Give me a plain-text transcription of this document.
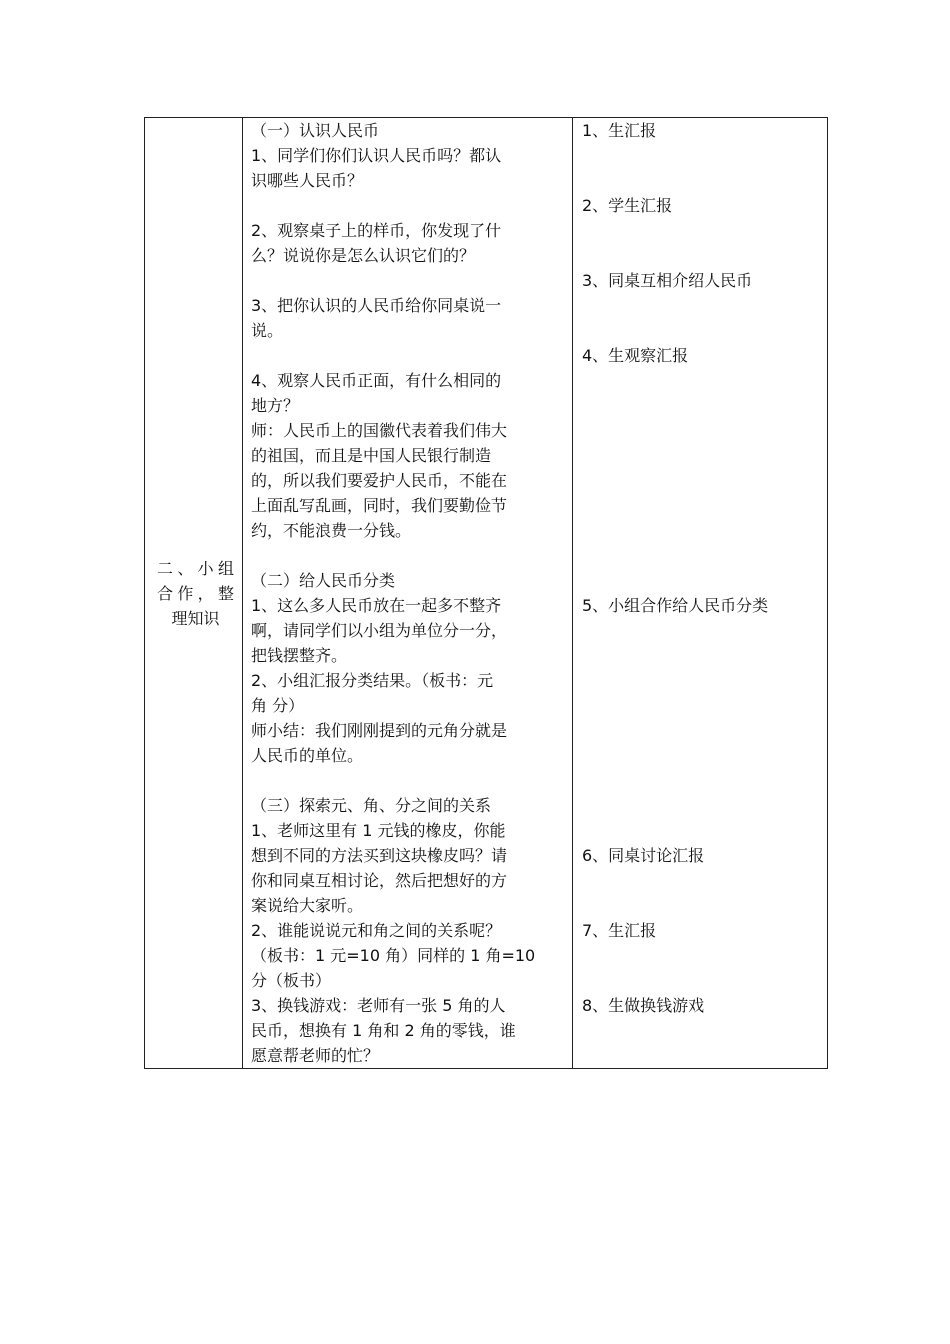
二、小组
合作，整
理知识

（一）认识人民币
1、同学们你们认识人民币吗？都认
识哪些人民币？
2、观察桌子上的样币，你发现了什
么？说说你是怎么认识它们的？
3、把你认识的人民币给你同桌说一
说。
4、观察人民币正面，有什么相同的
地方？
师：人民币上的国徽代表着我们伟大
的祖国，而且是中国人民银行制造
的，所以我们要爱护人民币，不能在
上面乱写乱画，同时，我们要勤俭节
约，不能浪费一分钱。
（二）给人民币分类
1、这么多人民币放在一起多不整齐
啊，请同学们以小组为单位分一分，
把钱摆整齐。
2、小组汇报分类结果。（板书：元
角 分）
师小结：我们刚刚提到的元角分就是
人民币的单位。
（三）探索元、角、分之间的关系
1、老师这里有 1 元钱的橡皮，你能
想到不同的方法买到这块橡皮吗？请
你和同桌互相讨论，然后把想好的方
案说给大家听。
2、谁能说说元和角之间的关系呢？
（板书：1 元=10 角）同样的 1 角=10
分（板书）
3、换钱游戏：老师有一张 5 角的人
民币，想换有 1 角和 2 角的零钱，谁
愿意帮老师的忙？

1、生汇报
2、学生汇报
3、同桌互相介绍人民币
4、生观察汇报
5、小组合作给人民币分类
6、同桌讨论汇报
7、生汇报
8、生做换钱游戏
